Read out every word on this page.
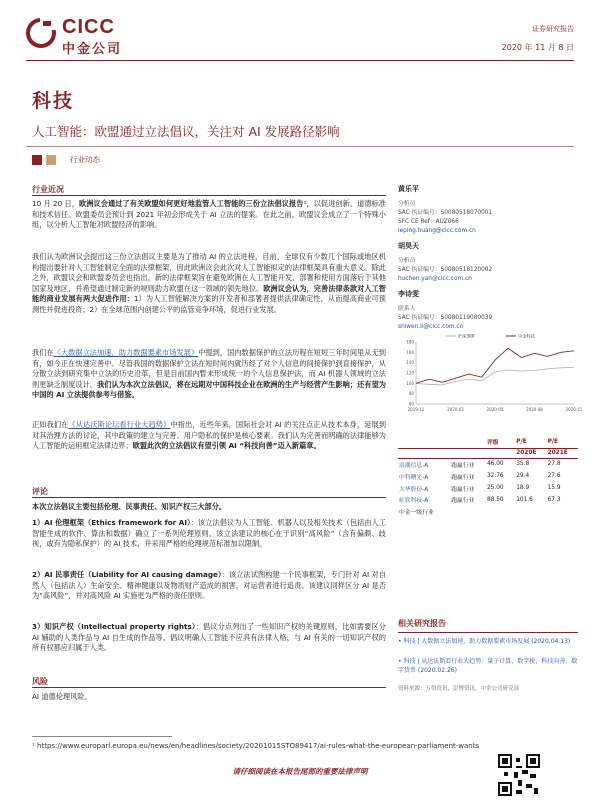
CICC
中金公司
证券研究报告
2020 年 11 月 8 日
科技
人工智能：欧盟通过立法倡议，关注对 AI 发展路径影响
行业动态
行业近况
10 月 20 日，欧洲议会通过了有关欧盟如何更好地监管人工智能的三份立法倡议报告¹，以促进创新、道德标准和技术信任。欧盟委员会预计到 2021 年初会形成关于 AI 立法的提案。在此之前，欧盟议会成立了一个特殊小组，以分析人工智能对欧盟经济的影响。
我们认为欧洲议会提出这三份立法倡议主要是为了推动 AI 的立法进程，目前，全球仅有少数几个国际或地区机构提出要针对人工智能制定全面的法律框架，因此欧洲议会此次对人工智能拟定的法律框架具有重大意义。除此之外，欧盟议会和欧盟委员会也指出，新的法律框架旨在避免欧洲在人工智能开发、部署和使用方面落后于其他国家及地区，并希望通过制定新的规则助力欧盟在这一领域的领先地位。欧洲议会认为，完善法律条款对人工智能的商业发展有两大促进作用：1）为人工智能解决方案的开发者和部署者提供法律确定性，从而提高商业可预测性并促进投资；2）在全球范围内创建公平的监管竞争环境，促进行业发展。
我们在《大数据立法加速，助力数据要素市场发展》中提到，国内数据保护的立法历程在短短三年时间里从无到有，如今正在快速完善中。尽管我国的数据保护立法在短时间内就历经了对个人信息的间接保护到直接保护，从分散立法到研究集中立法的历史沿革，但是目前国内暂未形成统一的个人信息保护法，而 AI 机器人领域的立法则更缺乏制度设计。我们认为本次立法倡议，将在远期对中国科技企业在欧洲的生产与经营产生影响；还有望为中国的 AI 立法提供参考与借鉴。
正如我们在《从达沃斯论坛看行业大趋势》中指出，近些年来，国际社会对 AI 的关注点正从技术本身，延展到对其治理方法的讨论，其中政策的建立与完善、用户隐私的保护是核心要素。我们认为完善而明确的法律能够为人工智能的运用框定法律边界；欧盟此次的立法倡议有望引领 AI “科技向善”迈入新篇章。
评论
本次立法倡议主要包括伦理、民事责任、知识产权三大部分。
1）AI 伦理框架（Ethics framework for AI）：该立法倡议为人工智能、机器人以及相关技术（包括由人工智能生成的软件、算法和数据）确立了一系列伦理原则，该立法建议的核心在于识别“高风险”（含有偏颇、歧视，或有为隐私保护）的 AI 技术，并采用严格的伦理规范标准加以限制。
2）AI 民事责任（Liability for AI causing damage）：该立法试图构建一个民事框架，专门针对 AI 对自然人（包括法人）生命安全、精神健康以及物质财产造成的损害，对运营者进行追责。该建议同样区分 AI 是否为“高风险”，并对高风险 AI 实施更为严格的责任原则。
3）知识产权（Intellectual property rights）：倡议分点列出了一些知识产权的关键原则，比如需要区分 AI 辅助的人类作品与 AI 自生成的作品等。倡议明确人工智能不应具有法律人格，与 AI 有关的一切知识产权的所有权都应归属于人类。
风险
AI 道德伦理风险。
黄乐平
分析员
SAC 执证编号：S0080518070001
SFC CE Ref：AUZ066
leping.huang@cicc.com.cn
胡昊天
分析员
SAC 执证编号：S0080518120002
huchen.yan@cicc.com.cn
李诗雯
联系人
SAC 执证编号：S0080119080039
shiwen.li@cicc.com.cn
60
80
100
120
140
160
180
2019-11	2020-02	2020-05	2020-08	2020-11
沪深300	中金科技
		评级		P/E	P/E
				2020E	2021E
浪潮信息-A	跑赢行业	46.00		35.8	27.8
中科曙光-A	跑赢行业	32.76		29.4	27.6
大华股份-A	跑赢行业	25.00		18.9	15.9
虹软科技-A	跑赢行业	88.50		101.6	67.3
中金一级行业					
相关研究报告
• 科技 | 大数据立法加速，助力数据要素市场发展 (2020.04.13)
• 科技 | 从达沃斯看行业大趋势：量子计算、数字税、科技向善、数字货币 (2020.02.26)
资料来源：万得资讯，彭博资讯，中金公司研究部
¹ https://www.europarl.europa.eu/news/en/headlines/society/20201015STO89417/ai-rules-what-the-european-parliament-wants
请仔细阅读在本报告尾部的重要法律声明
